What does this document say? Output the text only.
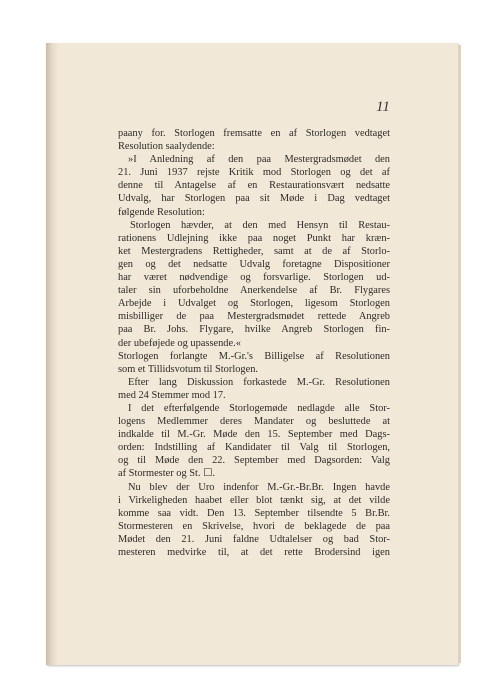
11
paany for. Storlogen fremsatte en af Storlogen vedtaget
Resolution saalydende:
»I Anledning af den paa Mestergradsmødet den
21. Juni 1937 rejste Kritik mod Storlogen og det af
denne til Antagelse af en Restaurationsvært nedsatte
Udvalg, har Storlogen paa sit Møde i Dag vedtaget
følgende Resolution:
Storlogen hævder, at den med Hensyn til Restau-
rationens Udlejning ikke paa noget Punkt har kræn-
ket Mestergradens Rettigheder, samt at de af Storlo-
gen og det nedsatte Udvalg foretagne Dispositioner
har været nødvendige og forsvarlige. Storlogen ud-
taler sin uforbeholdne Anerkendelse af Br. Flygares
Arbejde i Udvalget og Storlogen, ligesom Storlogen
misbilliger de paa Mestergradsmødet rettede Angreb
paa Br. Johs. Flygare, hvilke Angreb Storlogen fin-
der ubeføjede og upassende.«
Storlogen forlangte M.-Gr.'s Billigelse af Resolutionen
som et Tillidsvotum til Storlogen.
Efter lang Diskussion forkastede M.-Gr. Resolutionen
med 24 Stemmer mod 17.
I det efterfølgende Storlogemøde nedlagde alle Stor-
logens Medlemmer deres Mandater og besluttede at
indkalde til M.-Gr. Møde den 15. September med Dags-
orden: Indstilling af Kandidater til Valg til Storlogen,
og til Møde den 22. September med Dagsorden: Valg
af Stormester og St. ☐.
Nu blev der Uro indenfor M.-Gr.-Br.Br. Ingen havde
i Virkeligheden haabet eller blot tænkt sig, at det vilde
komme saa vidt. Den 13. September tilsendte 5 Br.Br.
Stormesteren en Skrivelse, hvori de beklagede de paa
Mødet den 21. Juni faldne Udtalelser og bad Stor-
mesteren medvirke til, at det rette Brodersind igen
